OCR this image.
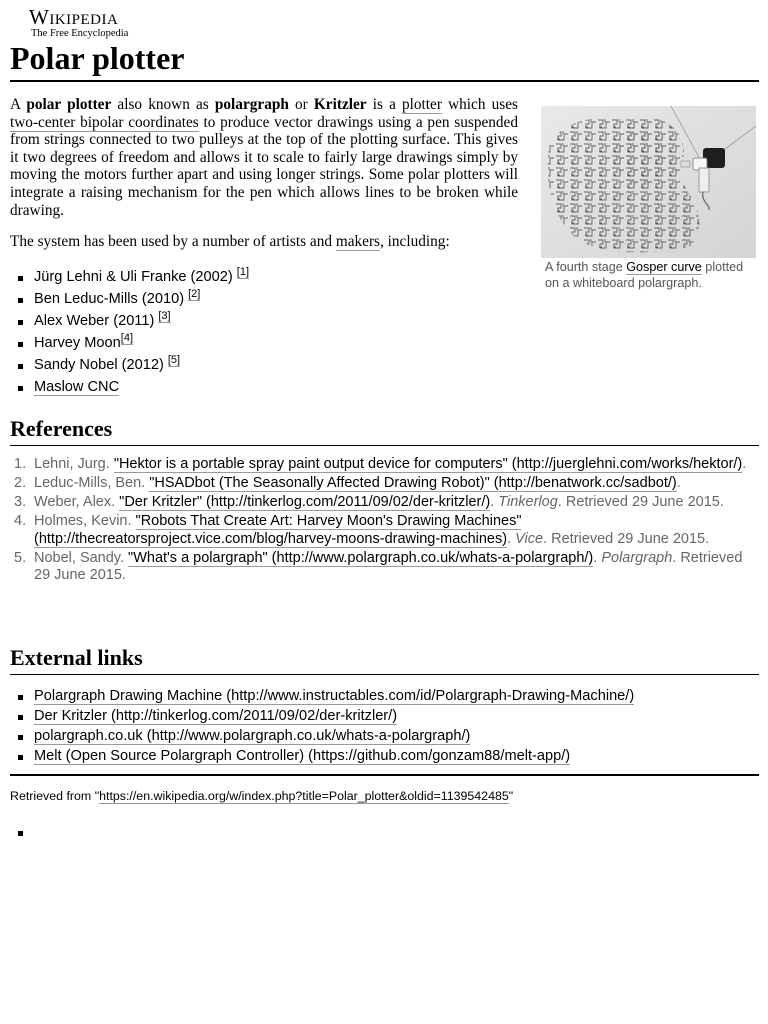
Wikipedia
The Free Encyclopedia
Polar plotter

A polar plotter also known as polargraph or Kritzler is a plotter which uses two-center bipolar coordinates to produce vector drawings using a pen suspended from strings connected to two pulleys at the top of the plotting surface. This gives it two degrees of freedom and allows it to scale to fairly large drawings simply by moving the motors further apart and using longer strings. Some polar plotters will integrate a raising mechanism for the pen which allows lines to be broken while drawing.

The system has been used by a number of artists and makers, including:

A fourth stage Gosper curve plotted on a whiteboard polargraph.
Jürg Lehni & Uli Franke (2002) [1]
Ben Leduc-Mills (2010) [2]
Alex Weber (2011) [3]
Harvey Moon[4]
Sandy Nobel (2012) [5]
Maslow CNC
References
1. Lehni, Jurg. "Hektor is a portable spray paint output device for computers" (http://juerglehni.com/works/hektor/).
2. Leduc-Mills, Ben. "HSADbot (The Seasonally Affected Drawing Robot)" (http://benatwork.cc/sadbot/).
3. Weber, Alex. "Der Kritzler" (http://tinkerlog.com/2011/09/02/der-kritzler/). Tinkerlog. Retrieved 29 June 2015.
4. Holmes, Kevin. "Robots That Create Art: Harvey Moon's Drawing Machines" (http://thecreatorsproject.vice.com/blog/harvey-moons-drawing-machines). Vice. Retrieved 29 June 2015.
5. Nobel, Sandy. "What's a polargraph" (http://www.polargraph.co.uk/whats-a-polargraph/). Polargraph. Retrieved 29 June 2015.
External links
Polargraph Drawing Machine (http://www.instructables.com/id/Polargraph-Drawing-Machine/)
Der Kritzler (http://tinkerlog.com/2011/09/02/der-kritzler/)
polargraph.co.uk (http://www.polargraph.co.uk/whats-a-polargraph/)
Melt (Open Source Polargraph Controller) (https://github.com/gonzam88/melt-app/)
Retrieved from "https://en.wikipedia.org/w/index.php?title=Polar_plotter&oldid=1139542485"
